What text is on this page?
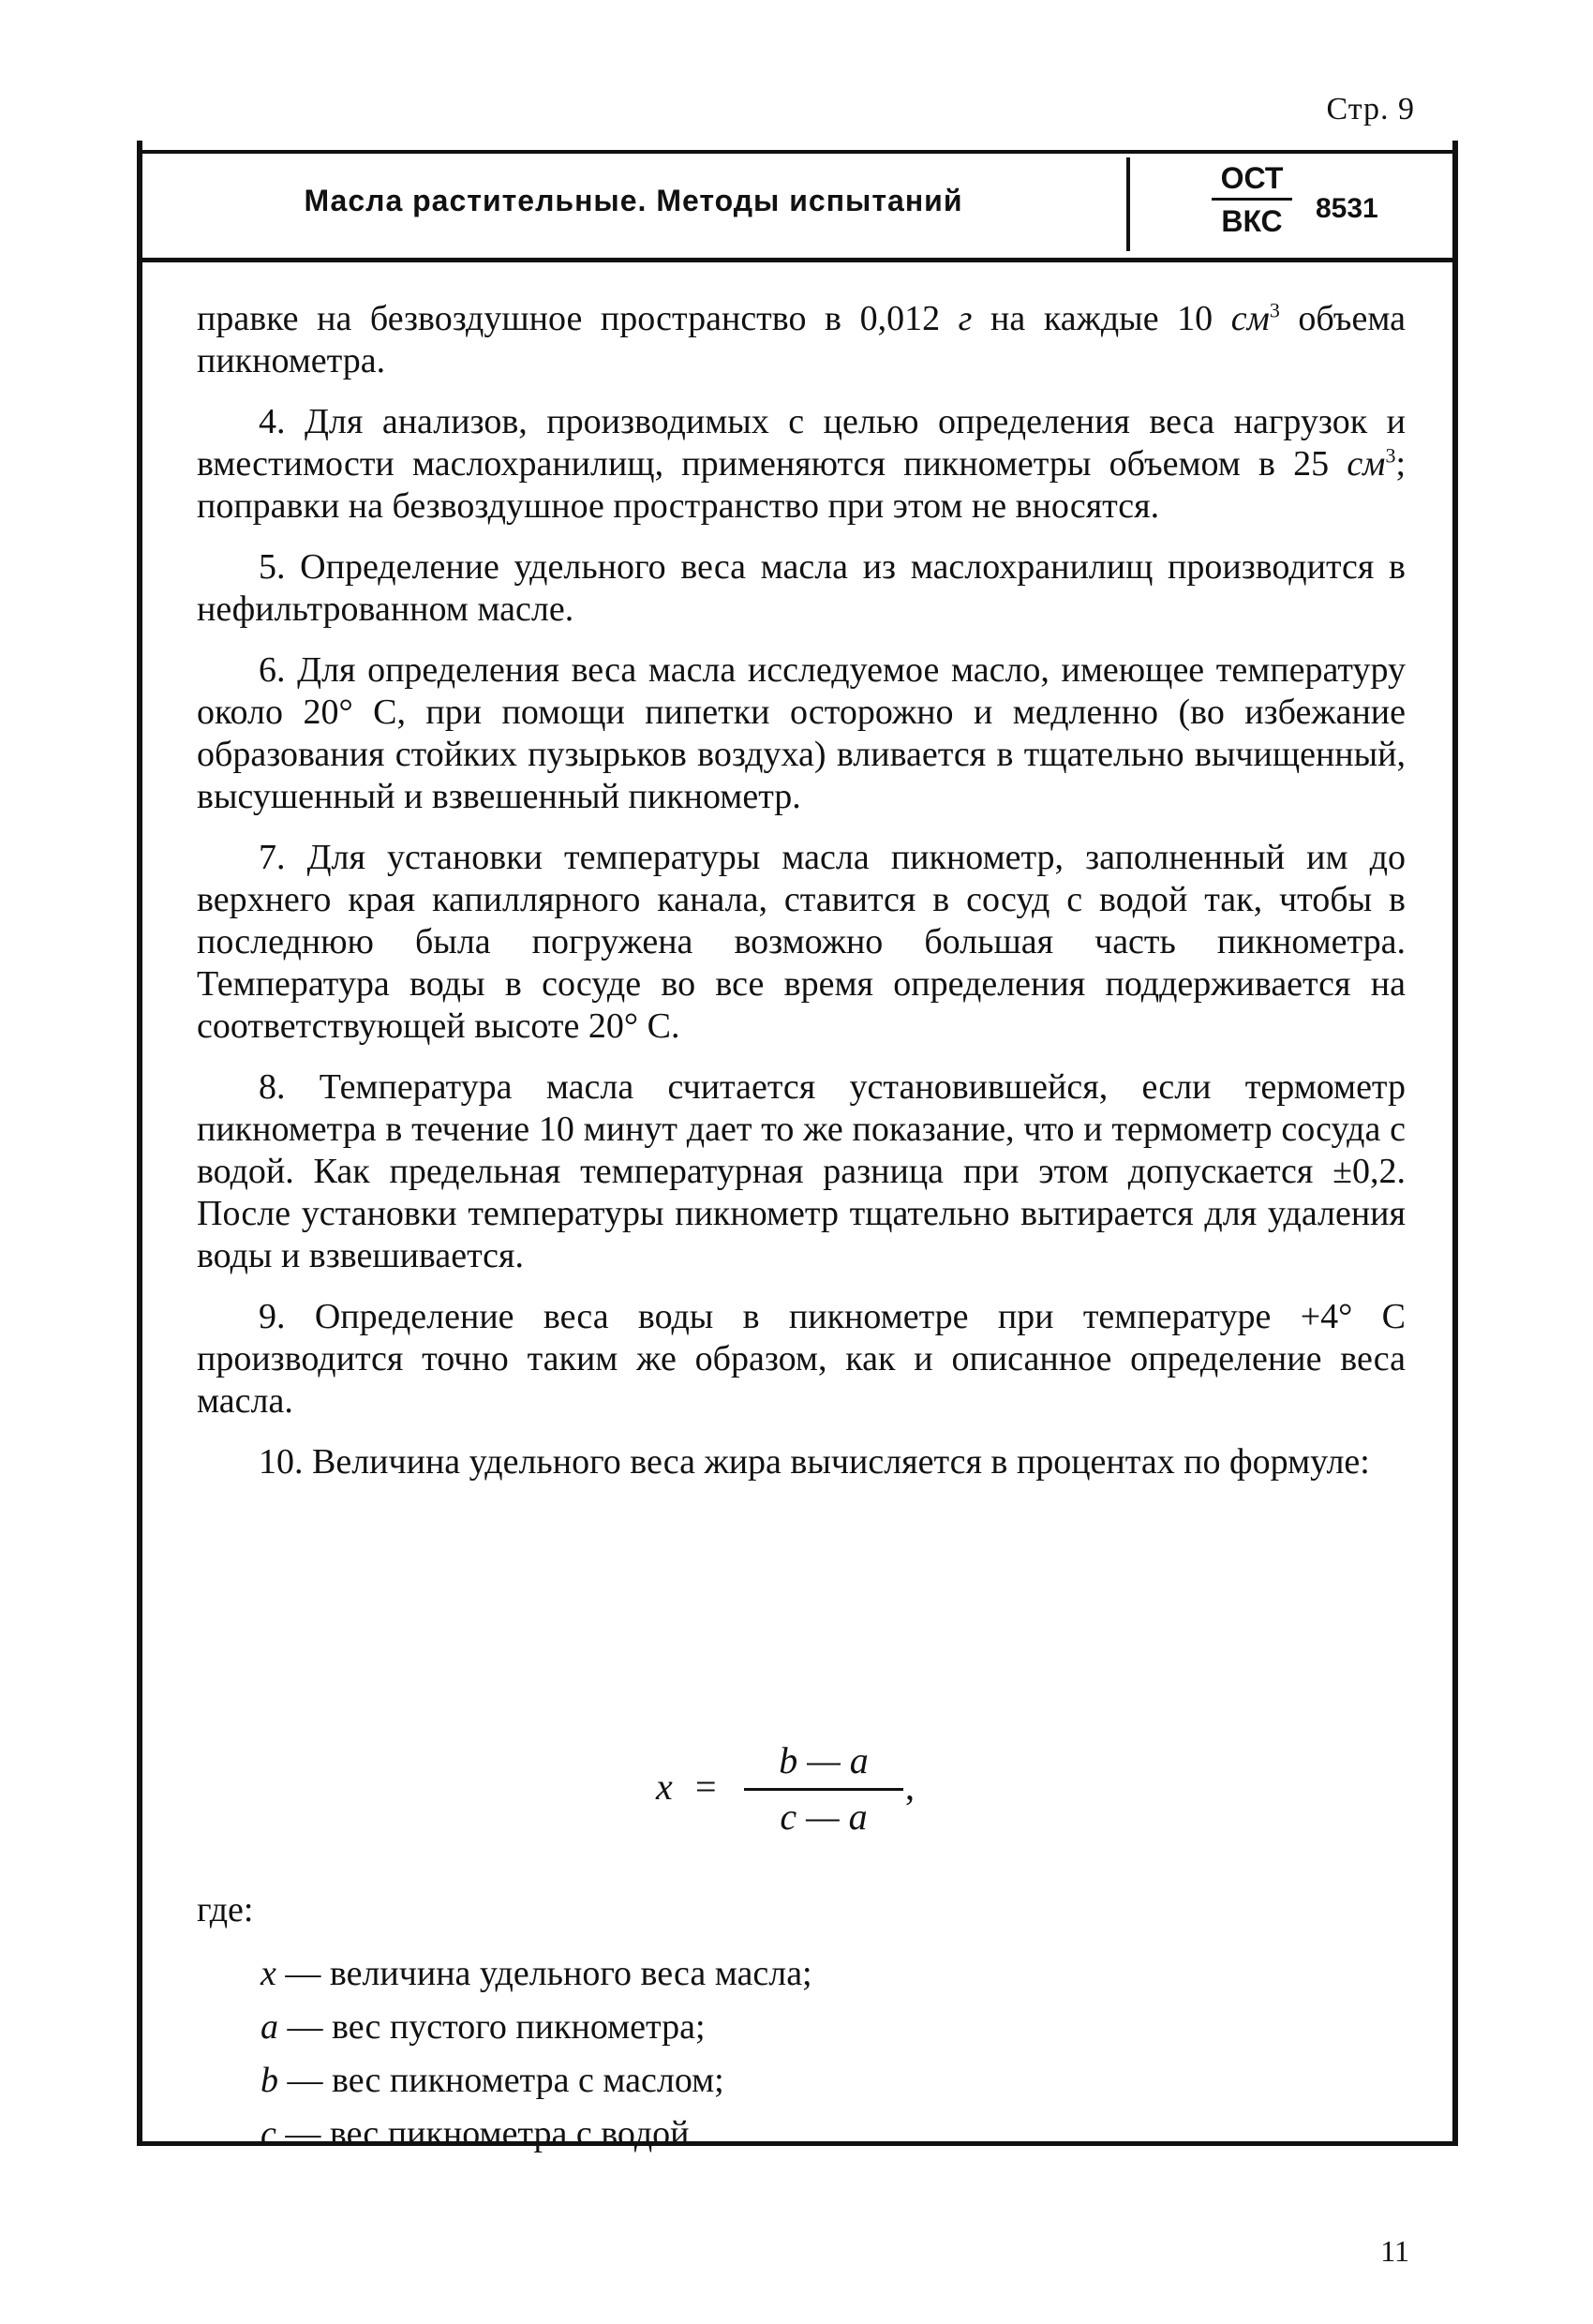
Стр. 9
Масла растительные. Методы испытаний
ОСТ
ВКС	8531

правке на безвоздушное пространство в 0,012 г на каждые 10 $см^3$ объема пикнометра.

4. Для анализов, производимых с целью определения веса нагрузок и вместимости маслохранилищ, применяются пикнометры объемом в 25 $см^3$; поправки на безвоздушное пространство при этом не вносятся.

5. Определение удельного веса масла из маслохранилищ производится в нефильтрованном масле.

6. Для определения веса масла исследуемое масло, имеющее температуру около 20° С, при помощи пипетки осторожно и медленно (во избежание образования стойких пузырьков воздуха) вливается в тщательно вычищенный, высушенный и взвешенный пикнометр.

7. Для установки температуры масла пикнометр, заполненный им до верхнего края капиллярного канала, ставится в сосуд с водой так, чтобы в последнюю была погружена возможно большая часть пикнометра. Температура воды в сосуде во все время определения поддерживается на соответствующей высоте 20° С.

8. Температура масла считается установившейся, если термометр пикнометра в течение 10 минут дает то же показание, что и термометр сосуда с водой. Как предельная температурная разница при этом допускается ±0,2. После установки температуры пикнометр тщательно вытирается для удаления воды и взвешивается.

9. Определение веса воды в пикнометре при температуре +4° С производится точно таким же образом, как и описанное определение веса масла.

10. Величина удельного веса жира вычисляется в процентах по формуле:

x =
b — a
c — a
,
где:
x — величина удельного веса масла;
a — вес пустого пикнометра;
b — вес пикнометра с маслом;
c — вес пикнометра с водой.
11
